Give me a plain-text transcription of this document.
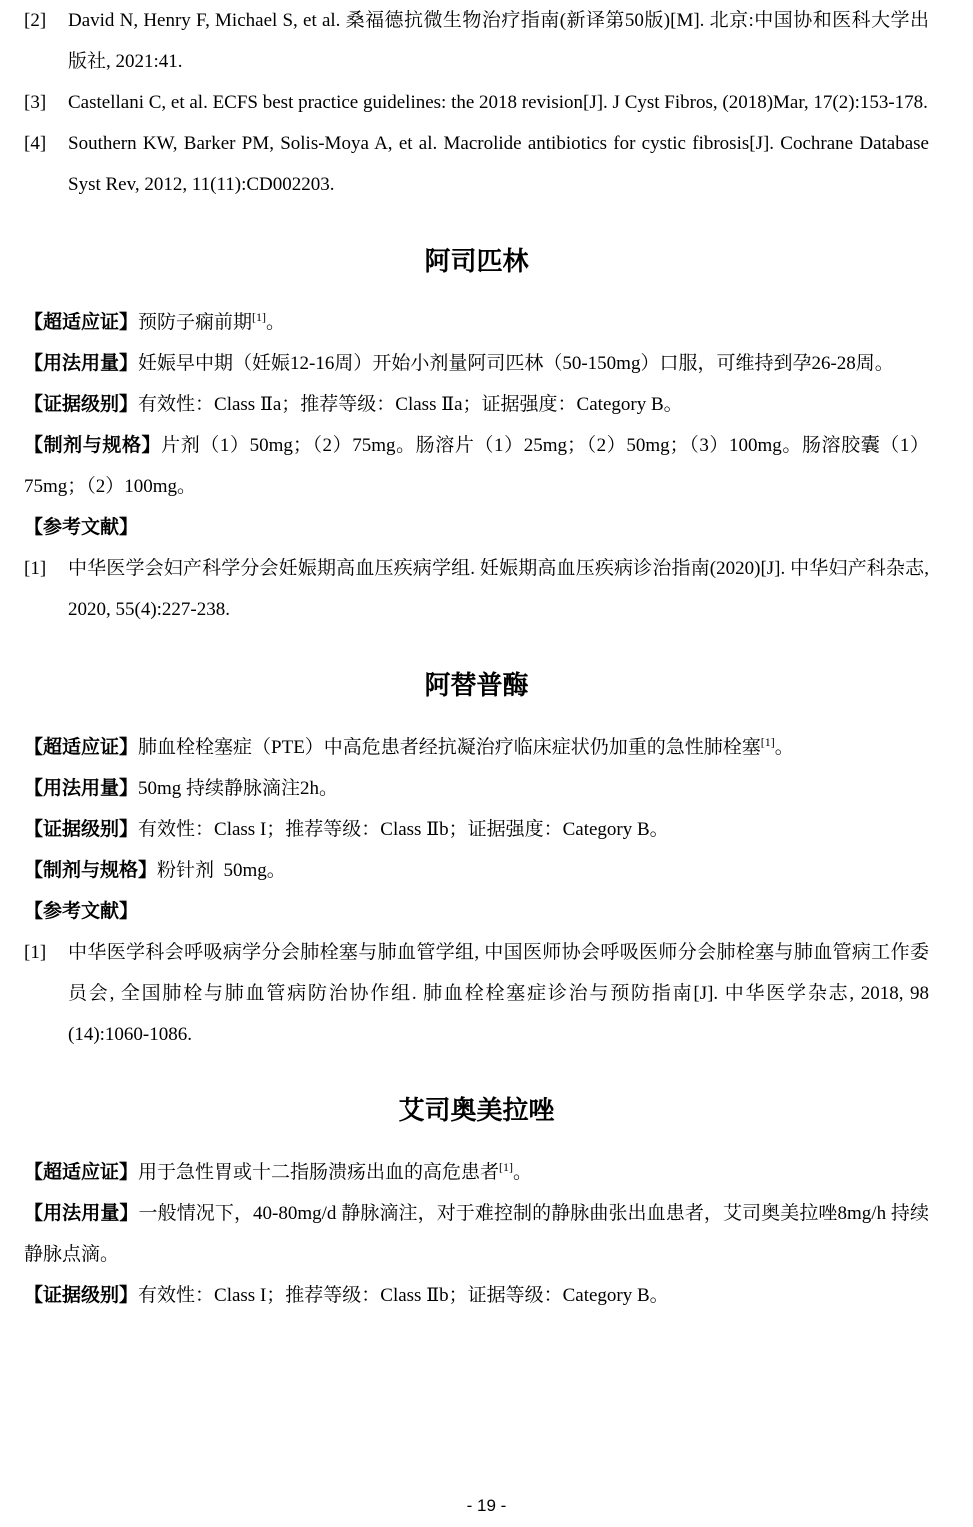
[2]	David N, Henry F, Michael S, et al. 桑福德抗微生物治疗指南(新译第50版)[M]. 北京:中国协和医科大学出版社, 2021:41.
[3]	Castellani C, et al. ECFS best practice guidelines: the 2018 revision[J]. J Cyst Fibros, (2018)Mar, 17(2):153-178.
[4]	Southern KW, Barker PM, Solis-Moya A, et al. Macrolide antibiotics for cystic fibrosis[J]. Cochrane Database Syst Rev, 2012, 11(11):CD002203.
阿司匹林
【超适应证】预防子痫前期[1]。
【用法用量】妊娠早中期（妊娠12-16周）开始小剂量阿司匹林（50-150mg）口服，可维持到孕26-28周。
【证据级别】有效性：Class Ⅱa；推荐等级：Class Ⅱa；证据强度：Category B。
【制剂与规格】片剂（1）50mg；（2）75mg。肠溶片（1）25mg；（2）50mg；（3）100mg。肠溶胶囊（1）75mg；（2）100mg。
【参考文献】
[1]	中华医学会妇产科学分会妊娠期高血压疾病学组. 妊娠期高血压疾病诊治指南(2020)[J]. 中华妇产科杂志, 2020, 55(4):227-238.
阿替普酶
【超适应证】肺血栓栓塞症（PTE）中高危患者经抗凝治疗临床症状仍加重的急性肺栓塞[1]。
【用法用量】50mg 持续静脉滴注2h。
【证据级别】有效性：Class I；推荐等级：Class Ⅱb；证据强度：Category B。
【制剂与规格】粉针剂  50mg。
【参考文献】
[1]	中华医学科会呼吸病学分会肺栓塞与肺血管学组, 中国医师协会呼吸医师分会肺栓塞与肺血管病工作委员会, 全国肺栓与肺血管病防治协作组. 肺血栓栓塞症诊治与预防指南[J]. 中华医学杂志, 2018, 98 (14):1060-1086.
艾司奥美拉唑
【超适应证】用于急性胃或十二指肠溃疡出血的高危患者[1]。
【用法用量】一般情况下，40-80mg/d 静脉滴注，对于难控制的静脉曲张出血患者，艾司奥美拉唑8mg/h 持续静脉点滴。
【证据级别】有效性：Class I；推荐等级：Class Ⅱb；证据等级：Category B。
- 19 -
